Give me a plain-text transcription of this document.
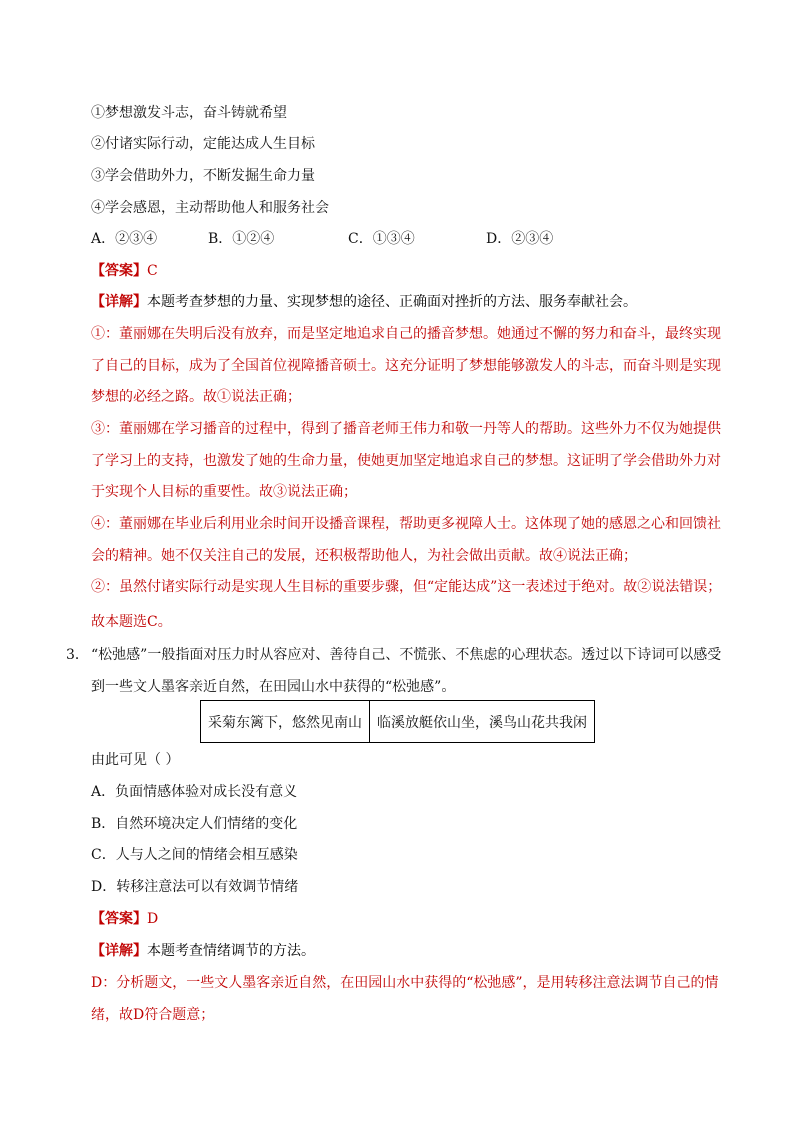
①梦想激发斗志，奋斗铸就希望
②付诸实际行动，定能达成人生目标
③学会借助外力，不断发掘生命力量
④学会感恩，主动帮助他人和服务社会
A．②③④	B．①②④	C．①③④	D．②③④
【答案】C
【详解】本题考查梦想的力量、实现梦想的途径、正确面对挫折的方法、服务奉献社会。
①：董丽娜在失明后没有放弃，而是坚定地追求自己的播音梦想。她通过不懈的努力和奋斗，最终实现了自己的目标，成为了全国首位视障播音硕士。这充分证明了梦想能够激发人的斗志，而奋斗则是实现梦想的必经之路。故①说法正确；
③：董丽娜在学习播音的过程中，得到了播音老师王伟力和敬一丹等人的帮助。这些外力不仅为她提供了学习上的支持，也激发了她的生命力量，使她更加坚定地追求自己的梦想。这证明了学会借助外力对于实现个人目标的重要性。故③说法正确；
④：董丽娜在毕业后利用业余时间开设播音课程，帮助更多视障人士。这体现了她的感恩之心和回馈社会的精神。她不仅关注自己的发展，还积极帮助他人，为社会做出贡献。故④说法正确；
②：虽然付诸实际行动是实现人生目标的重要步骤，但“定能达成”这一表述过于绝对。故②说法错误；
故本题选C。
3． “松弛感”一般指面对压力时从容应对、善待自己、不慌张、不焦虑的心理状态。透过以下诗词可以感受
到一些文人墨客亲近自然，在田园山水中获得的“松弛感”。
采菊东篱下，悠然见南山	临溪放艇依山坐，溪鸟山花共我闲
由此可见（ ）
A．负面情感体验对成长没有意义
B．自然环境决定人们情绪的变化
C．人与人之间的情绪会相互感染
D．转移注意法可以有效调节情绪
【答案】D
【详解】本题考查情绪调节的方法。
D：分析题文，一些文人墨客亲近自然，在田园山水中获得的“松弛感”，是用转移注意法调节自己的情绪，故D符合题意；
